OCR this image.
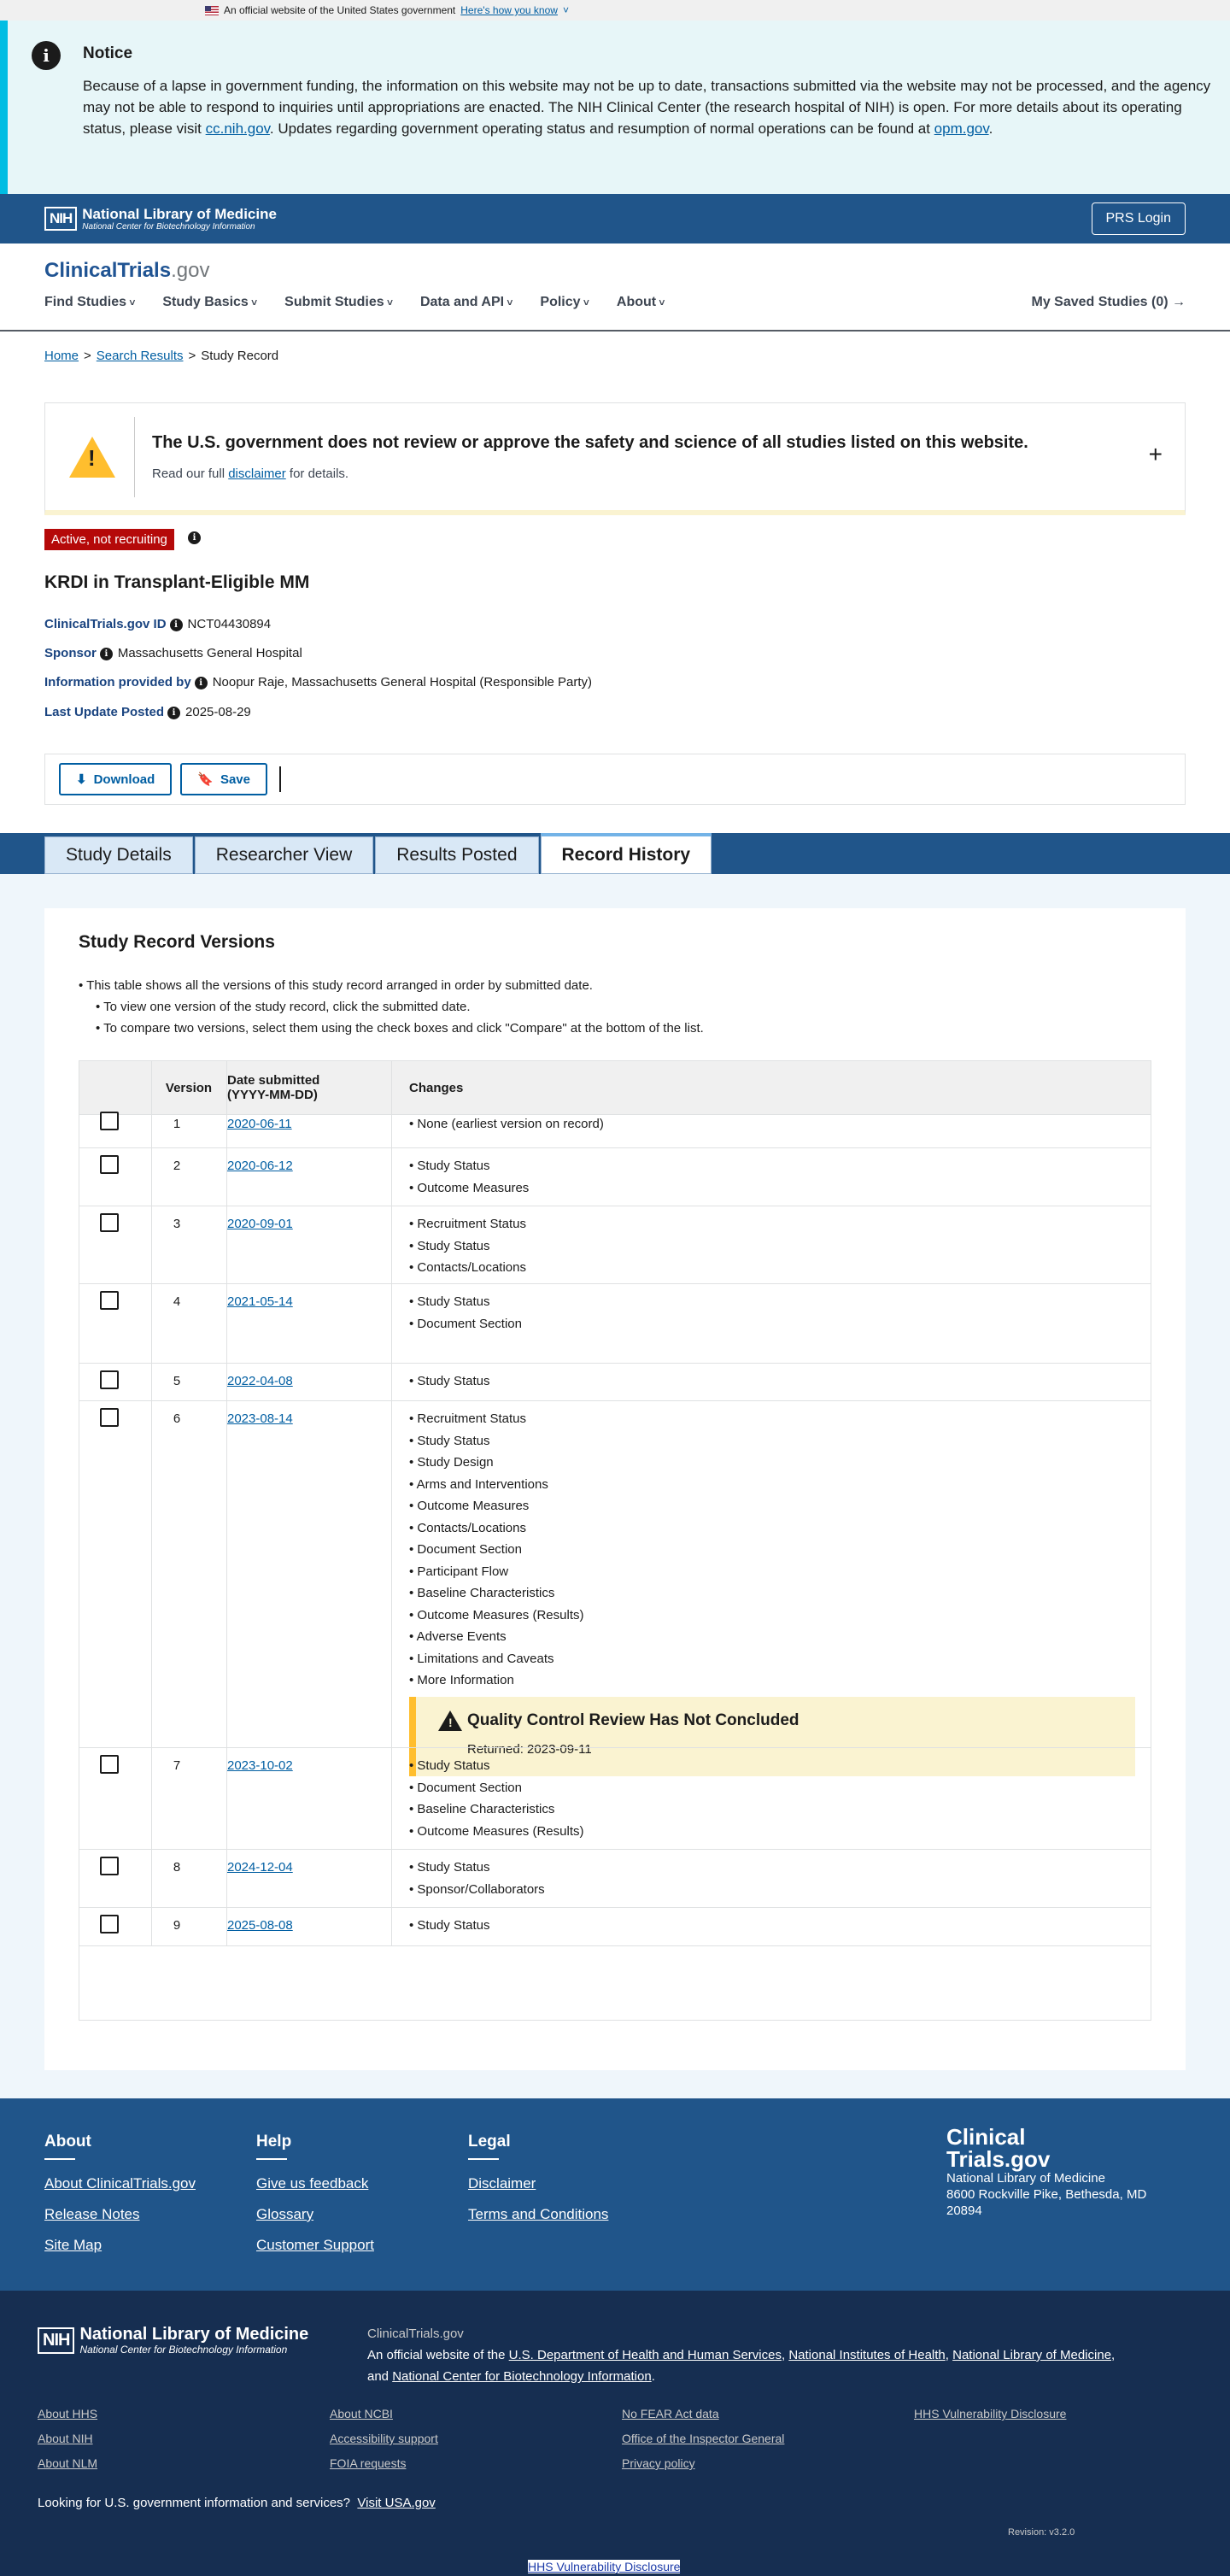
An official website of the United States government Here's how you know ˅
i	Notice

Because of a lapse in government funding, the information on this website may not be up to date, transactions submitted via the website may not be processed, and the agency may not be able to respond to inquiries until appropriations are enacted. The NIH Clinical Center (the research hospital of NIH) is open. For more details about its operating status, please visit cc.nih.gov. Updates regarding government operating status and resumption of normal operations can be found at opm.gov.

NIH National Library of Medicine
National Center for Biotechnology Information
PRS Login
ClinicalTrials.gov
Find Studies ˅	Study Basics ˅	Submit Studies ˅	Data and API ˅	Policy ˅	About ˅	My Saved Studies (0) →
Home > Search Results > Study Record
!
The U.S. government does not review or approve the safety and science of all studies listed on this website.

Read our full disclaimer for details.

+
Active, not recruiting	i
KRDI in Transplant-Eligible MM
ClinicalTrials.gov ID i NCT04430894
Sponsor i Massachusetts General Hospital
Information provided by i Noopur Raje, Massachusetts General Hospital (Responsible Party)
Last Update Posted i 2025-08-29
⬇ Download	🔖 Save
Study Details	Researcher View	Results Posted	Record History
Study Record Versions
• This table shows all the versions of this study record arranged in order by submitted date.
• To view one version of the study record, click the submitted date.
• To compare two versions, select them using the check boxes and click "Compare" at the bottom of the list.
Version	Date submitted
(YYYY-MM-DD)	Changes
1	2020-06-11	• None (earliest version on record)
2	2020-06-12	• Study Status
• Outcome Measures
3	2020-09-01	• Recruitment Status
• Study Status
• Contacts/Locations
4	2021-05-14	• Study Status
• Document Section
5	2022-04-08	• Study Status
6	2023-08-14	• Recruitment Status
• Study Status
• Study Design
• Arms and Interventions
• Outcome Measures
• Contacts/Locations
• Document Section
• Participant Flow
• Baseline Characteristics
• Outcome Measures (Results)
• Adverse Events
• Limitations and Caveats
• More Information
! Quality Control Review Has Not Concluded

Returned: 2023-09-11

7	2023-10-02	• Study Status
• Document Section
• Baseline Characteristics
• Outcome Measures (Results)
8	2024-12-04	• Study Status
• Sponsor/Collaborators
9	2025-08-08	• Study Status
Clinical
Trials.gov

National Library of Medicine

8600 Rockville Pike, Bethesda, MD

20894

About
About ClinicalTrials.gov
Release Notes
Site Map
Help
Give us feedback
Glossary
Customer Support
Legal
Disclaimer
Terms and Conditions
NIH National Library of Medicine
National Center for Biotechnology Information
ClinicalTrials.gov
An official website of the U.S. Department of Health and Human Services, National Institutes of Health, National Library of Medicine,
and National Center for Biotechnology Information.
Looking for U.S. government information and services? Visit USA.gov
Revision: v3.2.0
HHS Vulnerability Disclosure
About HHS
About NIH
About NLM
About NCBI
Accessibility support
FOIA requests
No FEAR Act data
Office of the Inspector General
Privacy policy
HHS Vulnerability Disclosure
